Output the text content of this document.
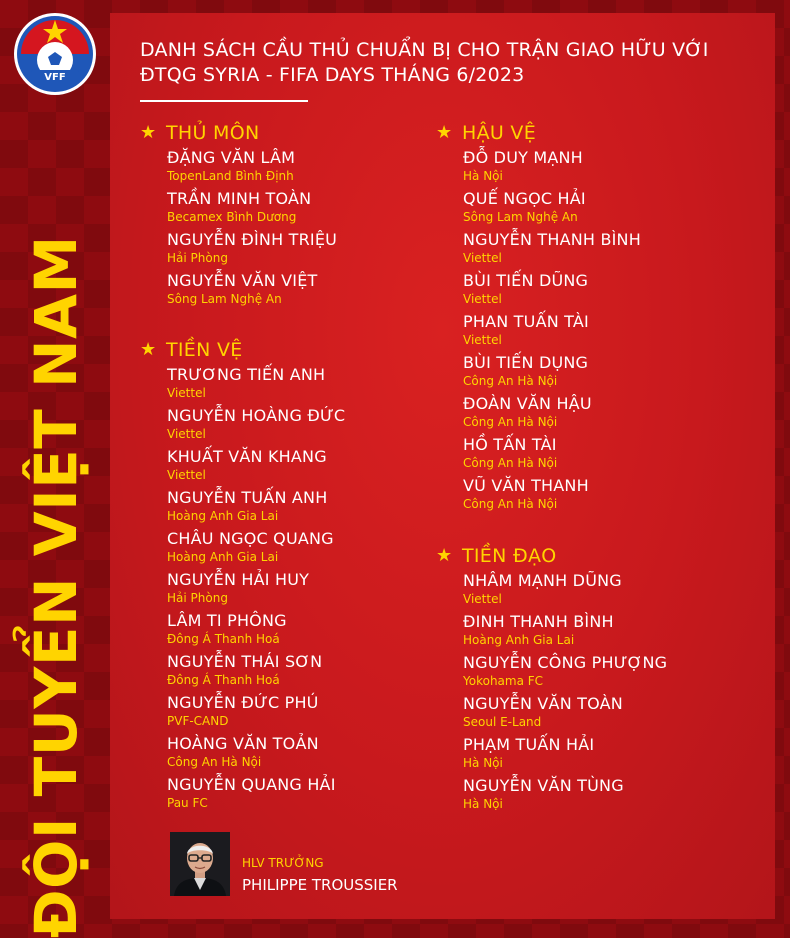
VFF
ĐỘI TUYỂN VIỆT NAM
DANH SÁCH CẦU THỦ CHUẨN BỊ CHO TRẬN GIAO HỮU VỚI
ĐTQG SYRIA - FIFA DAYS THÁNG 6/2023
★ THỦ MÔN
ĐẶNG VĂN LÂM
TopenLand Bình Định
TRẦN MINH TOÀN
Becamex Bình Dương
NGUYỄN ĐÌNH TRIỆU
Hải Phòng
NGUYỄN VĂN VIỆT
Sông Lam Nghệ An
★ TIỀN VỆ
TRƯƠNG TIẾN ANH
Viettel
NGUYỄN HOÀNG ĐỨC
Viettel
KHUẤT VĂN KHANG
Viettel
NGUYỄN TUẤN ANH
Hoàng Anh Gia Lai
CHÂU NGỌC QUANG
Hoàng Anh Gia Lai
NGUYỄN HẢI HUY
Hải Phòng
LÂM TI PHÔNG
Đông Á Thanh Hoá
NGUYỄN THÁI SƠN
Đông Á Thanh Hoá
NGUYỄN ĐỨC PHÚ
PVF-CAND
HOÀNG VĂN TOẢN
Công An Hà Nội
NGUYỄN QUANG HẢI
Pau FC
★ HẬU VỆ
ĐỖ DUY MẠNH
Hà Nội
QUẾ NGỌC HẢI
Sông Lam Nghệ An
NGUYỄN THANH BÌNH
Viettel
BÙI TIẾN DŨNG
Viettel
PHAN TUẤN TÀI
Viettel
BÙI TIẾN DỤNG
Công An Hà Nội
ĐOÀN VĂN HẬU
Công An Hà Nội
HỒ TẤN TÀI
Công An Hà Nội
VŨ VĂN THANH
Công An Hà Nội
★ TIỀN ĐẠO
NHÂM MẠNH DŨNG
Viettel
ĐINH THANH BÌNH
Hoàng Anh Gia Lai
NGUYỄN CÔNG PHƯỢNG
Yokohama FC
NGUYỄN VĂN TOÀN
Seoul E-Land
PHẠM TUẤN HẢI
Hà Nội
NGUYỄN VĂN TÙNG
Hà Nội
HLV TRƯỞNG
PHILIPPE TROUSSIER
